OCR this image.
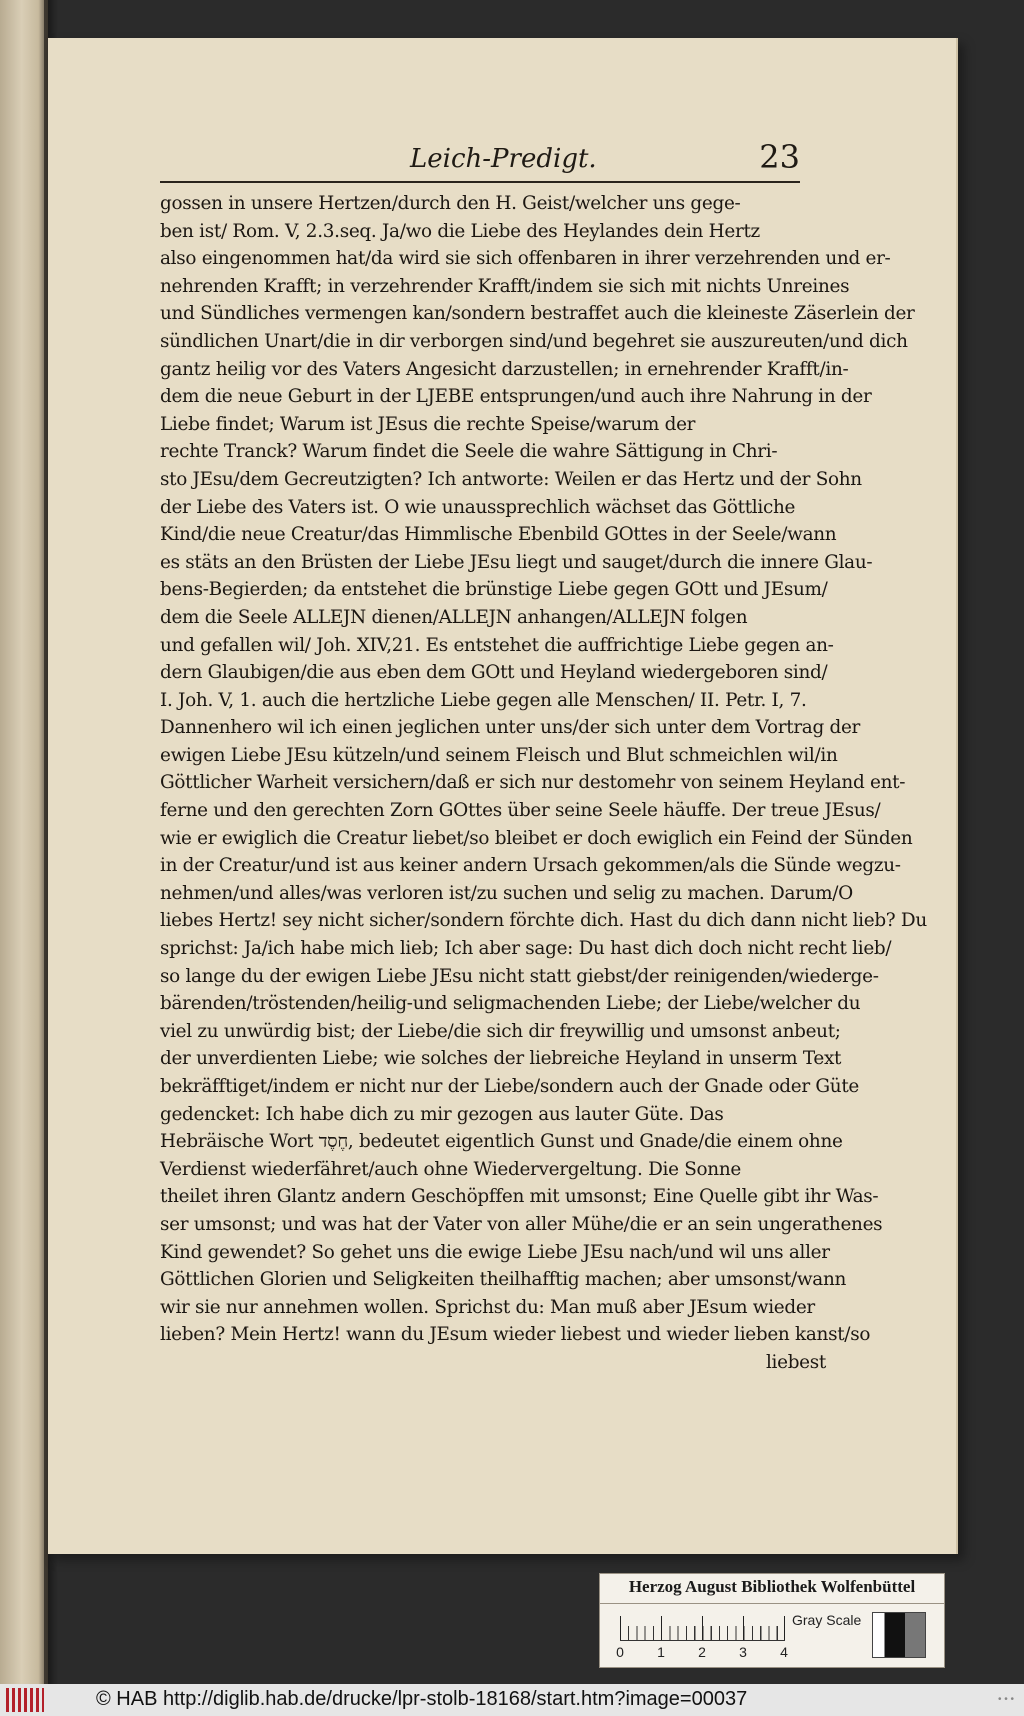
Leich-Predigt.	23
gossen in unsere Hertzen/durch den H. Geist/welcher uns gege-
ben ist/ Rom. V, 2.3.seq. Ja/wo die Liebe des Heylandes dein Hertz
also eingenommen hat/da wird sie sich offenbaren in ihrer verzehrenden und er-
nehrenden Krafft; in verzehrender Krafft/indem sie sich mit nichts Unreines
und Sündliches vermengen kan/sondern bestraffet auch die kleineste Zäserlein der
sündlichen Unart/die in dir verborgen sind/und begehret sie auszureuten/und dich
gantz heilig vor des Vaters Angesicht darzustellen; in ernehrender Krafft/in-
dem die neue Geburt in der LJEBE entsprungen/und auch ihre Nahrung in der
Liebe findet; Warum ist JEsus die rechte Speise/warum der
rechte Tranck? Warum findet die Seele die wahre Sättigung in Chri-
sto JEsu/dem Gecreutzigten? Ich antworte: Weilen er das Hertz und der Sohn
der Liebe des Vaters ist. O wie unaussprechlich wächset das Göttliche
Kind/die neue Creatur/das Himmlische Ebenbild GOttes in der Seele/wann
es stäts an den Brüsten der Liebe JEsu liegt und sauget/durch die innere Glau-
bens-Begierden; da entstehet die brünstige Liebe gegen GOtt und JEsum/
dem die Seele ALLEJN dienen/ALLEJN anhangen/ALLEJN folgen
und gefallen wil/ Joh. XIV,21. Es entstehet die auffrichtige Liebe gegen an-
dern Glaubigen/die aus eben dem GOtt und Heyland wiedergeboren sind/
I. Joh. V, 1. auch die hertzliche Liebe gegen alle Menschen/ II. Petr. I, 7.
Dannenhero wil ich einen jeglichen unter uns/der sich unter dem Vortrag der
ewigen Liebe JEsu kützeln/und seinem Fleisch und Blut schmeichlen wil/in
Göttlicher Warheit versichern/daß er sich nur destomehr von seinem Heyland ent-
ferne und den gerechten Zorn GOttes über seine Seele häuffe. Der treue JEsus/
wie er ewiglich die Creatur liebet/so bleibet er doch ewiglich ein Feind der Sünden
in der Creatur/und ist aus keiner andern Ursach gekommen/als die Sünde wegzu-
nehmen/und alles/was verloren ist/zu suchen und selig zu machen. Darum/O
liebes Hertz! sey nicht sicher/sondern förchte dich. Hast du dich dann nicht lieb? Du
sprichst: Ja/ich habe mich lieb; Ich aber sage: Du hast dich doch nicht recht lieb/
so lange du der ewigen Liebe JEsu nicht statt giebst/der reinigenden/wiederge-
bärenden/tröstenden/heilig-und seligmachenden Liebe; der Liebe/welcher du
viel zu unwürdig bist; der Liebe/die sich dir freywillig und umsonst anbeut;
der unverdienten Liebe; wie solches der liebreiche Heyland in unserm Text
bekräfftiget/indem er nicht nur der Liebe/sondern auch der Gnade oder Güte
gedencket: Ich habe dich zu mir gezogen aus lauter Güte. Das
Hebräische Wort חֶסֶד, bedeutet eigentlich Gunst und Gnade/die einem ohne
Verdienst wiederfähret/auch ohne Wiedervergeltung. Die Sonne
theilet ihren Glantz andern Geschöpffen mit umsonst; Eine Quelle gibt ihr Was-
ser umsonst; und was hat der Vater von aller Mühe/die er an sein ungerathenes
Kind gewendet? So gehet uns die ewige Liebe JEsu nach/und wil uns aller
Göttlichen Glorien und Seligkeiten theilhafftig machen; aber umsonst/wann
wir sie nur annehmen wollen. Sprichst du: Man muß aber JEsum wieder
lieben? Mein Hertz! wann du JEsum wieder liebest und wieder lieben kanst/so
liebest
Herzog August Bibliothek Wolfenbüttel
0 1 2 3 4
Gray Scale
© HAB http://diglib.hab.de/drucke/lpr-stolb-18168/start.htm?image=00037	• • •
